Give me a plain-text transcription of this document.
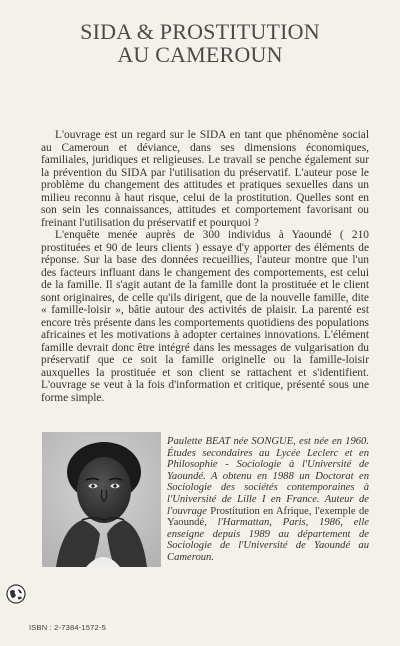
SIDA & PROSTITUTION
AU CAMEROUN

L'ouvrage est un regard sur le SIDA en tant que phénomène social au Cameroun et déviance, dans ses dimensions économiques, familiales, juridiques et religieuses. Le travail se penche également sur la prévention du SIDA par l'utilisation du préservatif. L'auteur pose le problème du changement des attitudes et pratiques sexuelles dans un milieu reconnu à haut risque, celui de la prostitution. Quelles sont en son sein les connaissances, attitudes et comportement favorisant ou freinant l'utilisation du préservatif et pourquoi ?

L'enquête menée auprès de 300 individus à Yaoundé ( 210 prostituées et 90 de leurs clients ) essaye d'y apporter des éléments de réponse. Sur la base des données recueillies, l'auteur montre que l'un des facteurs influant dans le changement des comportements, est celui de la famille. Il s'agit autant de la famille dont la prostituée et le client sont originaires, de celle qu'ils dirigent, que de la nouvelle famille, dite « famille-loisir », bâtie autour des activités de plaisir. La parenté est encore très présente dans les comportements quotidiens des populations africaines et les motivations à adopter certaines innovations. L'élément famille devrait donc être intégré dans les messages de vulgarisation du préservatif que ce soit la famille originelle ou la famille-loisir auxquelles la prostituée et son client se rattachent et s'identifient. L'ouvrage se veut à la fois d'information et critique, présenté sous une forme simple.

Paulette BEAT née SONGUE, est née en 1960. Études secondaires au Lycée Leclerc et en Philosophie - Sociologie à l'Université de Yaoundé. A obtenu en 1988 un Doctorat en Sociologie des sociétés contemporaines à l'Université de Lille I en France. Auteur de l'ouvrage Prostitution en Afrique, l'exemple de Yaoundé, l'Harmattan, Paris, 1986, elle enseigne depuis 1989 au département de Sociologie de l'Université de Yaoundé au Cameroun.
ISBN : 2-7384-1572-5
